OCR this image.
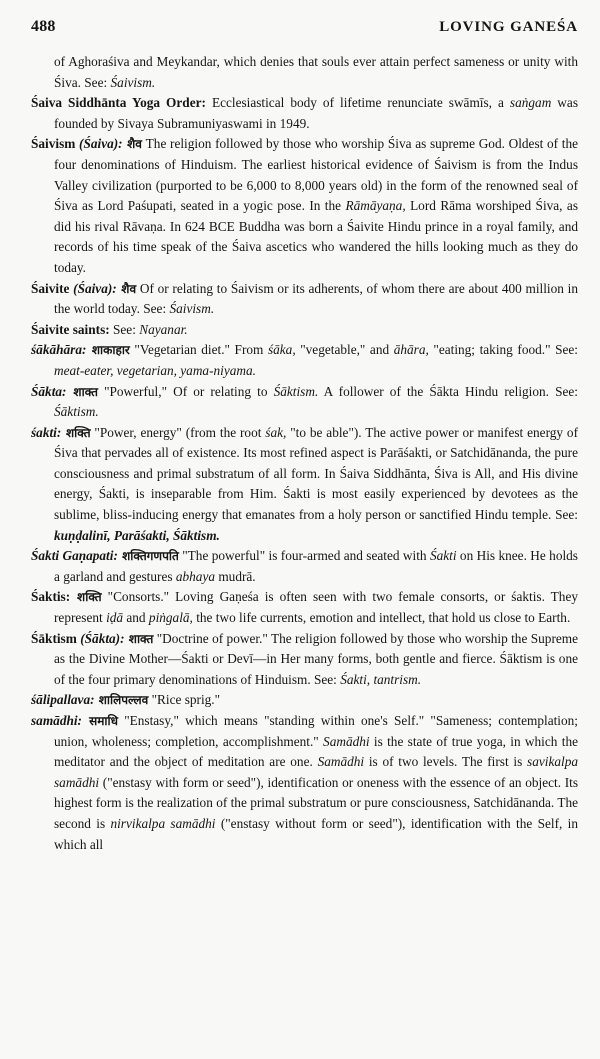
488	LOVING GANEŚA

of Aghoraśiva and Meykandar, which denies that souls ever attain perfect sameness or unity with Śiva. See: Śaivism.

Śaiva Siddhānta Yoga Order: Ecclesiastical body of lifetime renunciate swāmīs, a saṅgam was founded by Sivaya Subramuniyaswami in 1949.

Śaivism (Śaiva): शैव The religion followed by those who worship Śiva as supreme God. Oldest of the four denominations of Hinduism. The earliest historical evidence of Śaivism is from the Indus Valley civilization (purported to be 6,000 to 8,000 years old) in the form of the renowned seal of Śiva as Lord Paśupati, seated in a yogic pose. In the Rāmāyaṇa, Lord Rāma worshiped Śiva, as did his rival Rāvaṇa. In 624 BCE Buddha was born a Śaivite Hindu prince in a royal family, and records of his time speak of the Śaiva ascetics who wandered the hills looking much as they do today.

Śaivite (Śaiva): शैव Of or relating to Śaivism or its adherents, of whom there are about 400 million in the world today. See: Śaivism.

Śaivite saints: See: Nayanar.

śākāhāra: शाकाहार "Vegetarian diet." From śāka, "vegetable," and āhāra, "eating; taking food." See: meat-eater, vegetarian, yama-niyama.

Śākta: शाक्त "Powerful," Of or relating to Śāktism. A follower of the Śākta Hindu religion. See: Śāktism.

śakti: शक्ति "Power, energy" (from the root śak, "to be able"). The active power or manifest energy of Śiva that pervades all of existence. Its most refined aspect is Parāśakti, or Satchidānanda, the pure consciousness and primal substratum of all form. In Śaiva Siddhānta, Śiva is All, and His divine energy, Śakti, is inseparable from Him. Śakti is most easily experienced by devotees as the sublime, bliss-inducing energy that emanates from a holy person or sanctified Hindu temple. See: kuṇḍalinī, Parāśakti, Śāktism.

Śakti Gaṇapati: शक्तिगणपति "The powerful" is four-armed and seated with Śakti on His knee. He holds a garland and gestures abhaya mudrā.

Śaktis: शक्ति "Consorts." Loving Gaṇeśa is often seen with two female consorts, or śaktis. They represent iḍā and piṅgalā, the two life currents, emotion and intellect, that hold us close to Earth.

Śāktism (Śākta): शाक्त "Doctrine of power." The religion followed by those who worship the Supreme as the Divine Mother—Śakti or Devī—in Her many forms, both gentle and fierce. Śāktism is one of the four primary denominations of Hinduism. See: Śakti, tantrism.

śālipallava: शालिपल्लव "Rice sprig."

samādhi: समाधि "Enstasy," which means "standing within one's Self." "Sameness; contemplation; union, wholeness; completion, accomplishment." Samādhi is the state of true yoga, in which the meditator and the object of meditation are one. Samādhi is of two levels. The first is savikalpa samādhi ("enstasy with form or seed"), identification or oneness with the essence of an object. Its highest form is the realization of the primal substratum or pure consciousness, Satchidānanda. The second is nirvikalpa samādhi ("enstasy without form or seed"), identification with the Self, in which all
